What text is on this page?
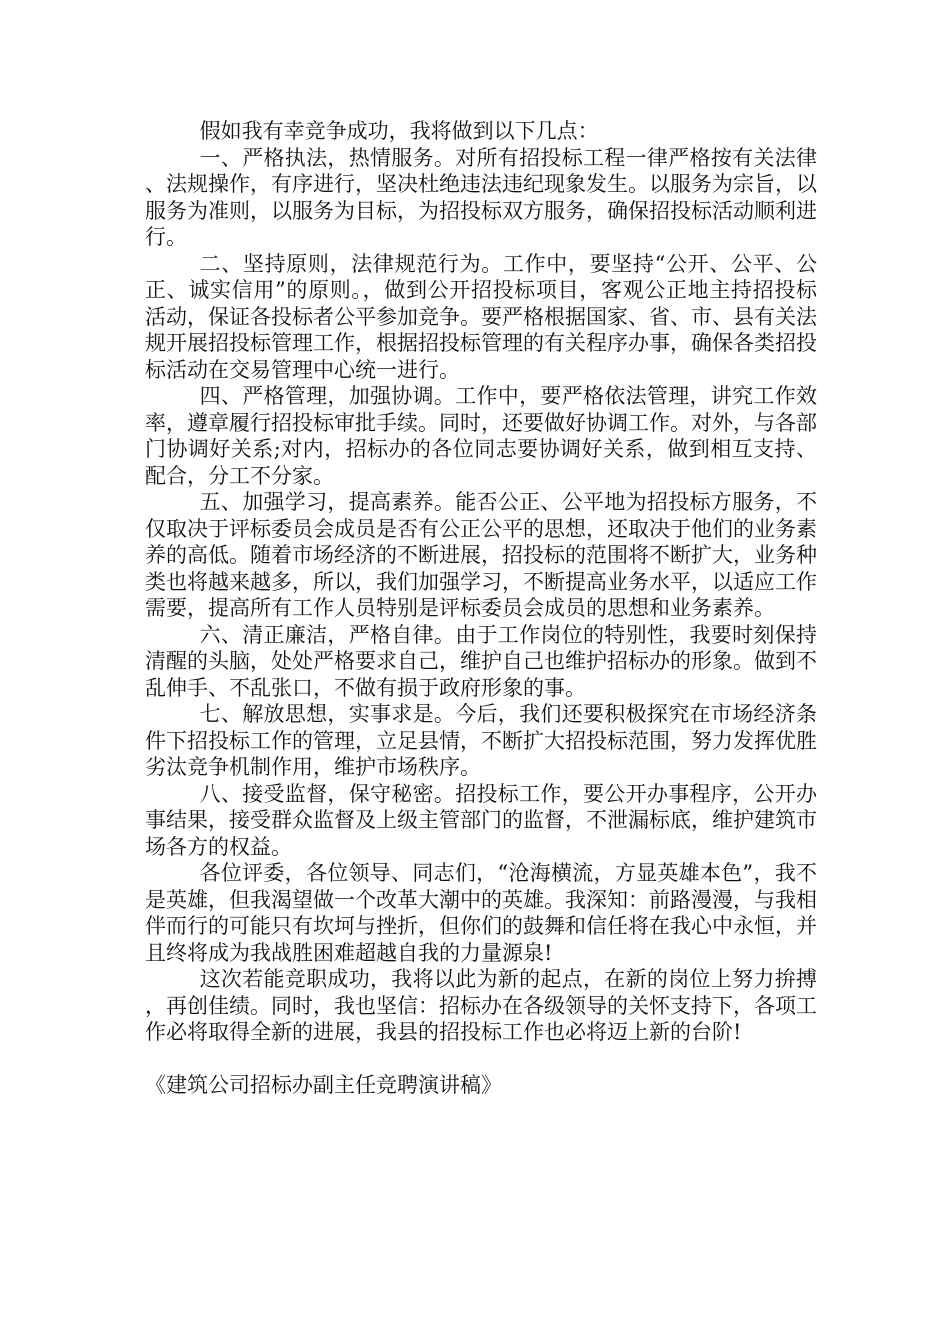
假如我有幸竞争成功，我将做到以下几点：

一、严格执法，热情服务。对所有招投标工程一律严格按有关法律、法规操作，有序进行，坚决杜绝违法违纪现象发生。以服务为宗旨，以服务为准则，以服务为目标，为招投标双方服务，确保招投标活动顺利进行。

二、坚持原则，法律规范行为。工作中，要坚持“公开、公平、公正、诚实信用”的原则。，做到公开招投标项目，客观公正地主持招投标活动，保证各投标者公平参加竞争。要严格根据国家、省、市、县有关法规开展招投标管理工作，根据招投标管理的有关程序办事，确保各类招投标活动在交易管理中心统一进行。

四、严格管理，加强协调。工作中，要严格依法管理，讲究工作效率，遵章履行招投标审批手续。同时，还要做好协调工作。对外，与各部门协调好关系;对内，招标办的各位同志要协调好关系，做到相互支持、配合，分工不分家。

五、加强学习，提高素养。能否公正、公平地为招投标方服务，不仅取决于评标委员会成员是否有公正公平的思想，还取决于他们的业务素养的高低。随着市场经济的不断进展，招投标的范围将不断扩大，业务种类也将越来越多，所以，我们加强学习，不断提高业务水平，以适应工作需要，提高所有工作人员特别是评标委员会成员的思想和业务素养。

六、清正廉洁，严格自律。由于工作岗位的特别性，我要时刻保持清醒的头脑，处处严格要求自己，维护自己也维护招标办的形象。做到不乱伸手、不乱张口，不做有损于政府形象的事。

七、解放思想，实事求是。今后，我们还要积极探究在市场经济条件下招投标工作的管理，立足县情，不断扩大招投标范围，努力发挥优胜劣汰竞争机制作用，维护市场秩序。

八、接受监督，保守秘密。招投标工作，要公开办事程序，公开办事结果，接受群众监督及上级主管部门的监督，不泄漏标底，维护建筑市场各方的权益。

各位评委，各位领导、同志们，“沧海横流，方显英雄本色”，我不是英雄，但我渴望做一个改革大潮中的英雄。我深知：前路漫漫，与我相伴而行的可能只有坎坷与挫折，但你们的鼓舞和信任将在我心中永恒，并且终将成为我战胜困难超越自我的力量源泉!

这次若能竞职成功，我将以此为新的起点，在新的岗位上努力拚搏，再创佳绩。同时，我也坚信：招标办在各级领导的关怀支持下，各项工作必将取得全新的进展，我县的招投标工作也必将迈上新的台阶!

《建筑公司招标办副主任竞聘演讲稿》
